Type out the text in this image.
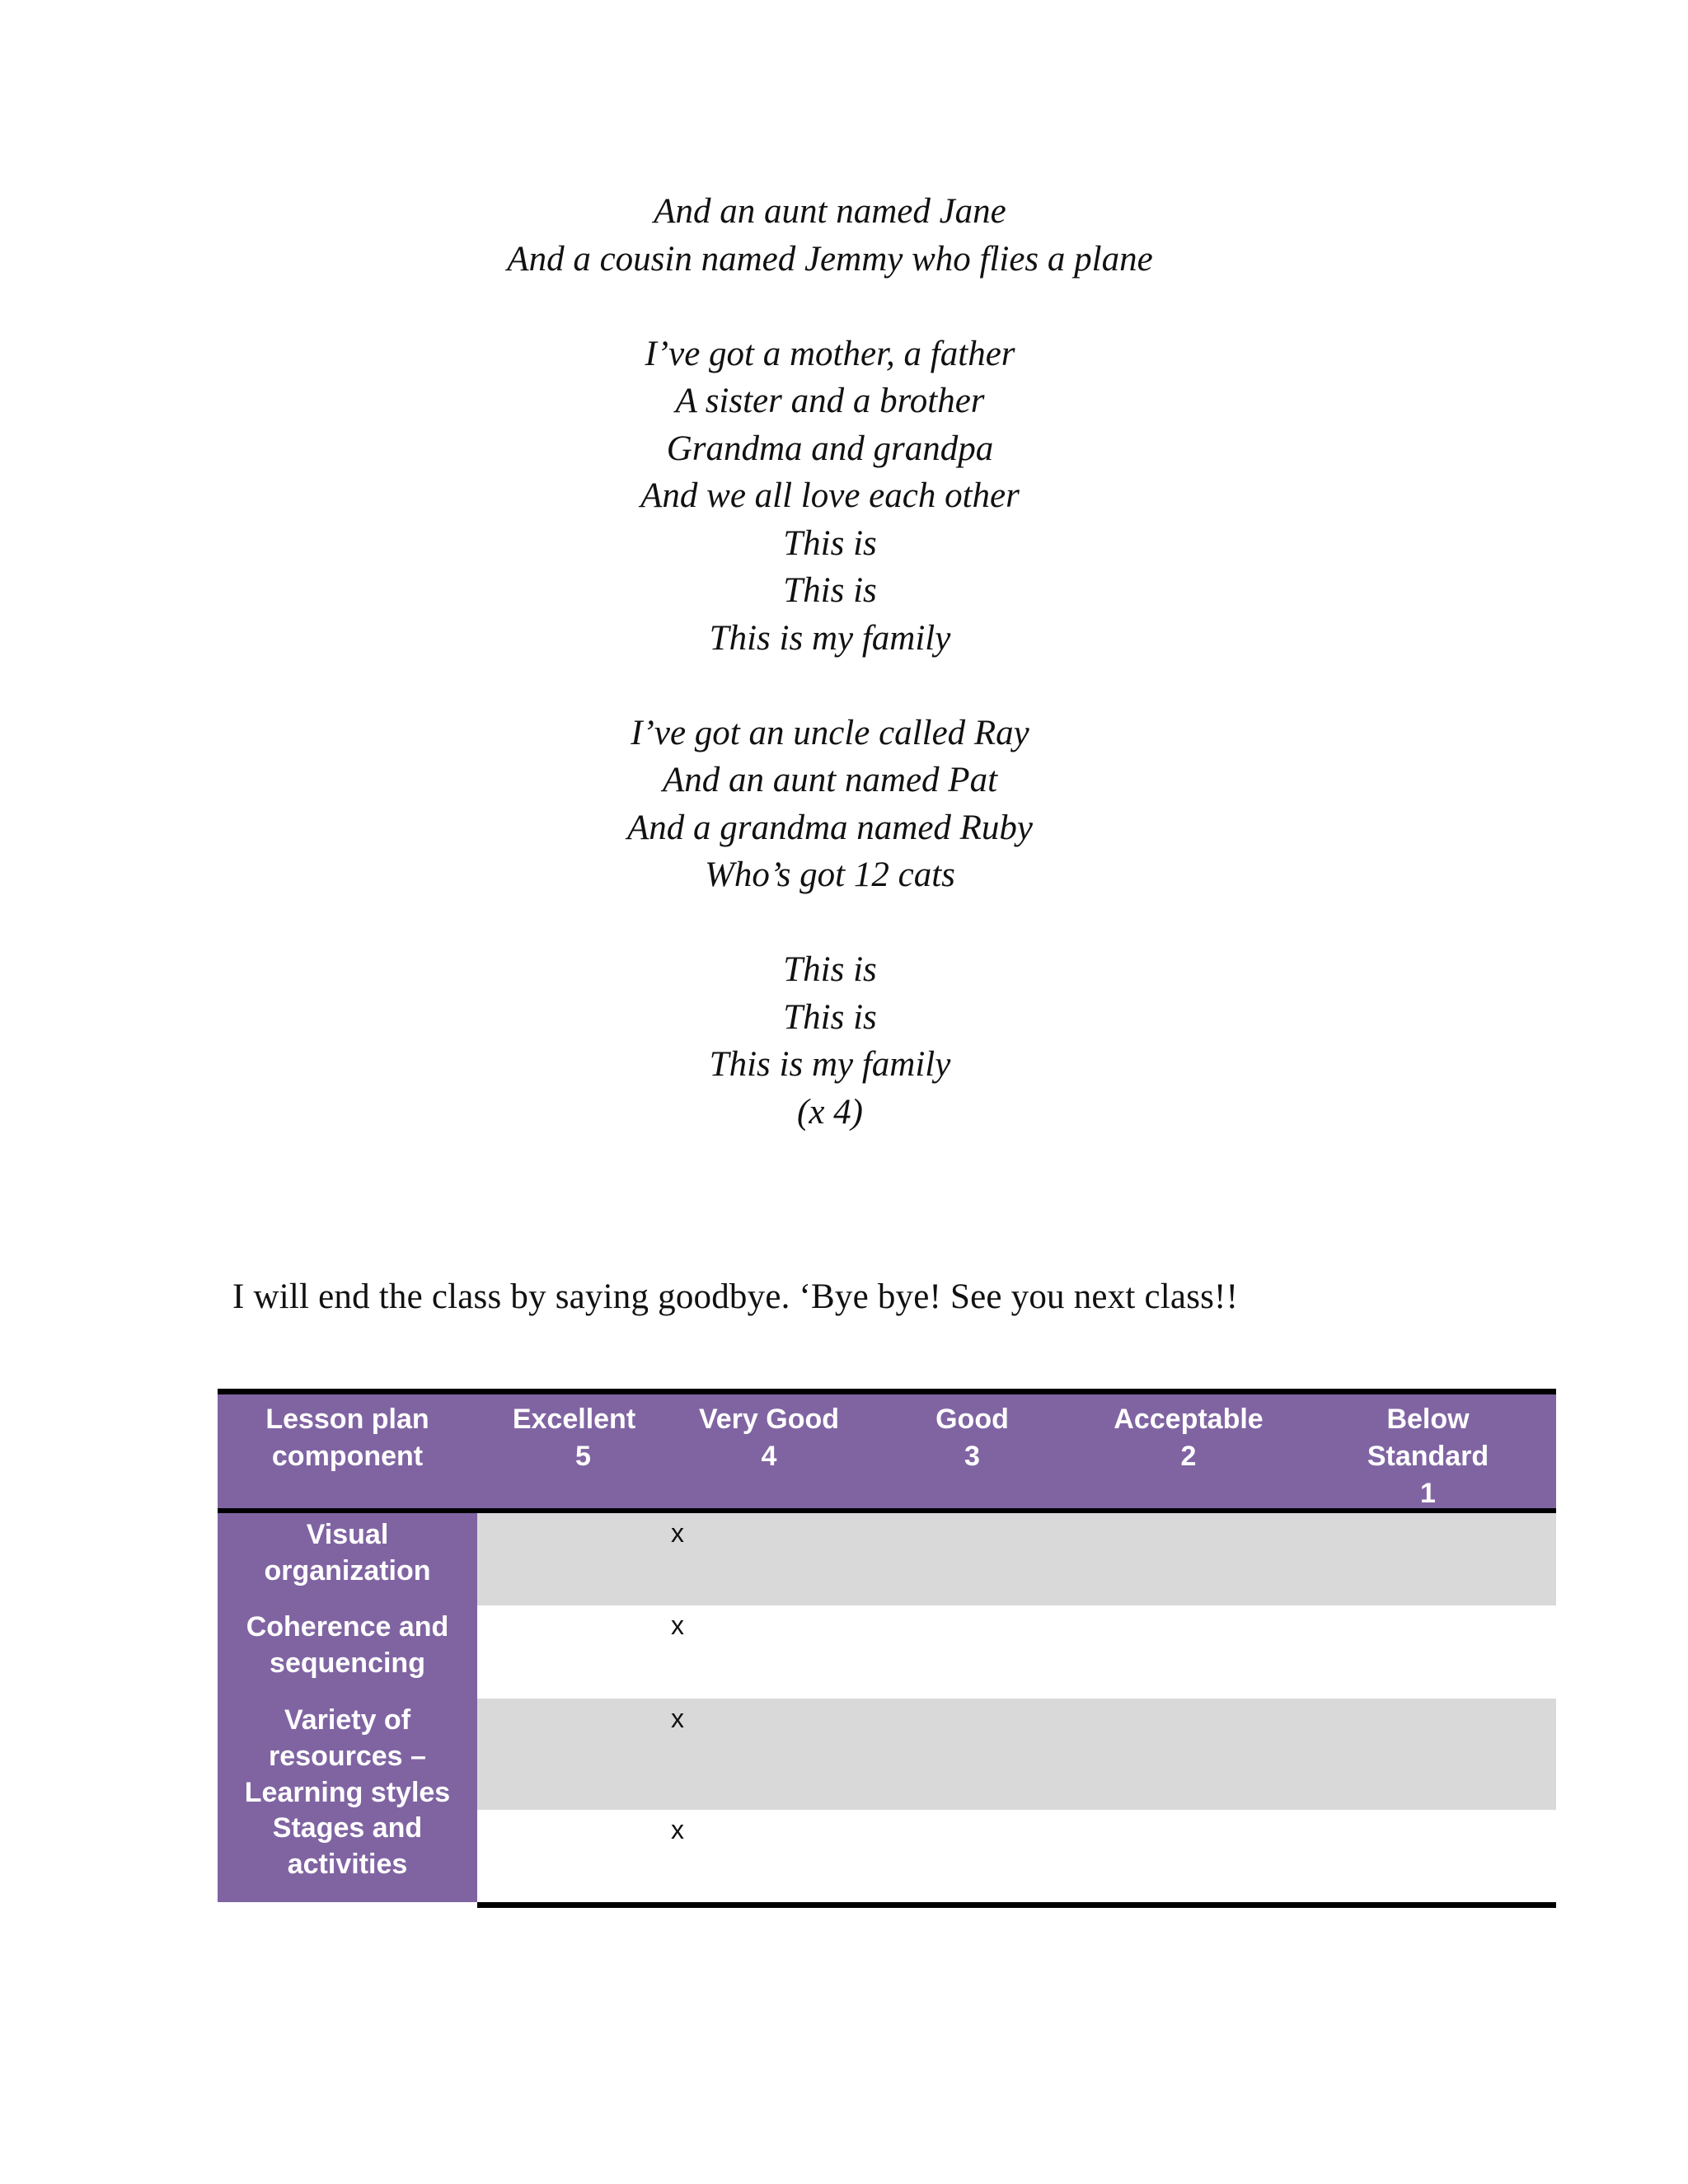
And an aunt named Jane
And a cousin named Jemmy who flies a plane
I’ve got a mother, a father
A sister and a brother
Grandma and grandpa
And we all love each other
This is
This is
This is my family
I’ve got an uncle called Ray
And an aunt named Pat
And a grandma named Ruby
Who’s got 12 cats
This is
This is
This is my family
(x 4)
I will end the class by saying goodbye. ‘Bye bye! See you next class!!
Lesson plan component
Excellent
5
Very Good
4
Good
3
Acceptable
2
Below Standard
1
Visual organization
x
Coherence and sequencing
x
Variety of resources – Learning styles
x
Stages and activities
x
